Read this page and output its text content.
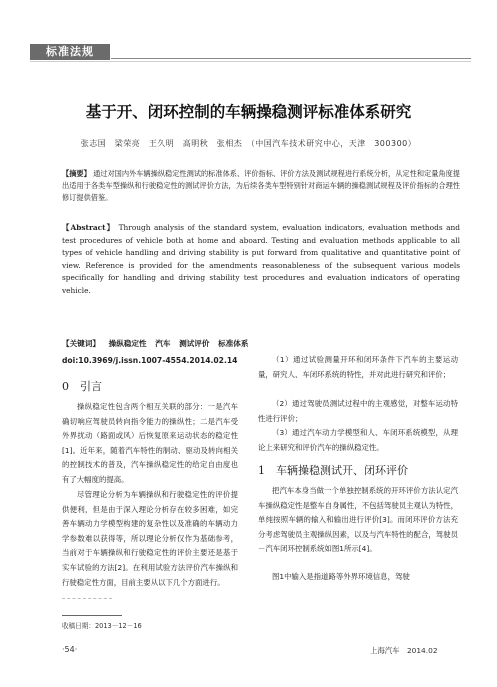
标准法规
基于开、闭环控制的车辆操稳测评标准体系研究
张志国　梁荣亮　王久明　高明秋　张相杰　（中国汽车技术研究中心，天津　300300）
【摘要】 通过对国内外车辆操纵稳定性测试的标准体系、评价指标、评价方法及测试规程进行系统分析，从定性和定量角度提出适用于各类车型操纵和行驶稳定性的测试评价方法，为后续各类车型特别针对商运车辆的操稳测试规程及评价指标的合理性修订提供借鉴。
【Abstract】 Through analysis of the standard system, evaluation indicators, evaluation methods and test procedures of vehicle both at home and aboard. Testing and evaluation methods applicable to all types of vehicle handling and driving stability is put forward from qualitative and quantitative point of view. Reference is provided for the amendments reasonableness of the subsequent various models specifically for handling and driving stability test procedures and evaluation indicators of operating vehicle.
【关键词】 操纵稳定性 汽车 测试评价 标准体系
doi:10.3969/j.issn.1007-4554.2014.02.14
0　引言
操纵稳定性包含两个相互关联的部分：一是汽车确切响应驾驶员转向指令能力的操纵性；二是汽车受外界扰动（路面或风）后恢复原来运动状态的稳定性[1]。近年来，随着汽车特性的制动、驱动及转向相关的控制技术的普及，汽车操纵稳定性的给定自由度也有了大幅度的提高。
尽管理论分析为车辆操纵和行驶稳定性的评价提供便利，但是由于深入理论分析存在较多困难，如完善车辆动力学模型构建的复杂性以及准确的车辆动力学参数难以获得等，所以理论分析仅作为基础参考，当前对于车辆操纵和行驶稳定性的评价主要还是基于实车试验的方法[2]。在利用试验方法评价汽车操纵和行驶稳定性方面，目前主要从以下几个方面进行。
（1）通过试验测量开环和闭环条件下汽车的主要运动量，研究人、车闭环系统的特性，并对此进行研究和评价；
（2）通过驾驶员测试过程中的主观感觉，对整车运动特性进行评价；
（3）通过汽车动力学模型和人、车闭环系统模型，从理论上来研究和评价汽车的操纵稳定性。
1　车辆操稳测试开、闭环评价
把汽车本身当做一个单独控制系统的开环评价方法认定汽车操纵稳定性是整车自身属性，不包括驾驶员主观认为特性，单纯按照车辆的输入和输出进行评价[3]。而闭环评价方法充分考虑驾驶员主观操纵因素，以及与汽车特性的配合，驾驶员－汽车闭环控制系统如图1所示[4]。
图1中输入是指道路等外界环境信息，驾驶
收稿日期：2013－12－16
·54·	上海汽车　2014.02
